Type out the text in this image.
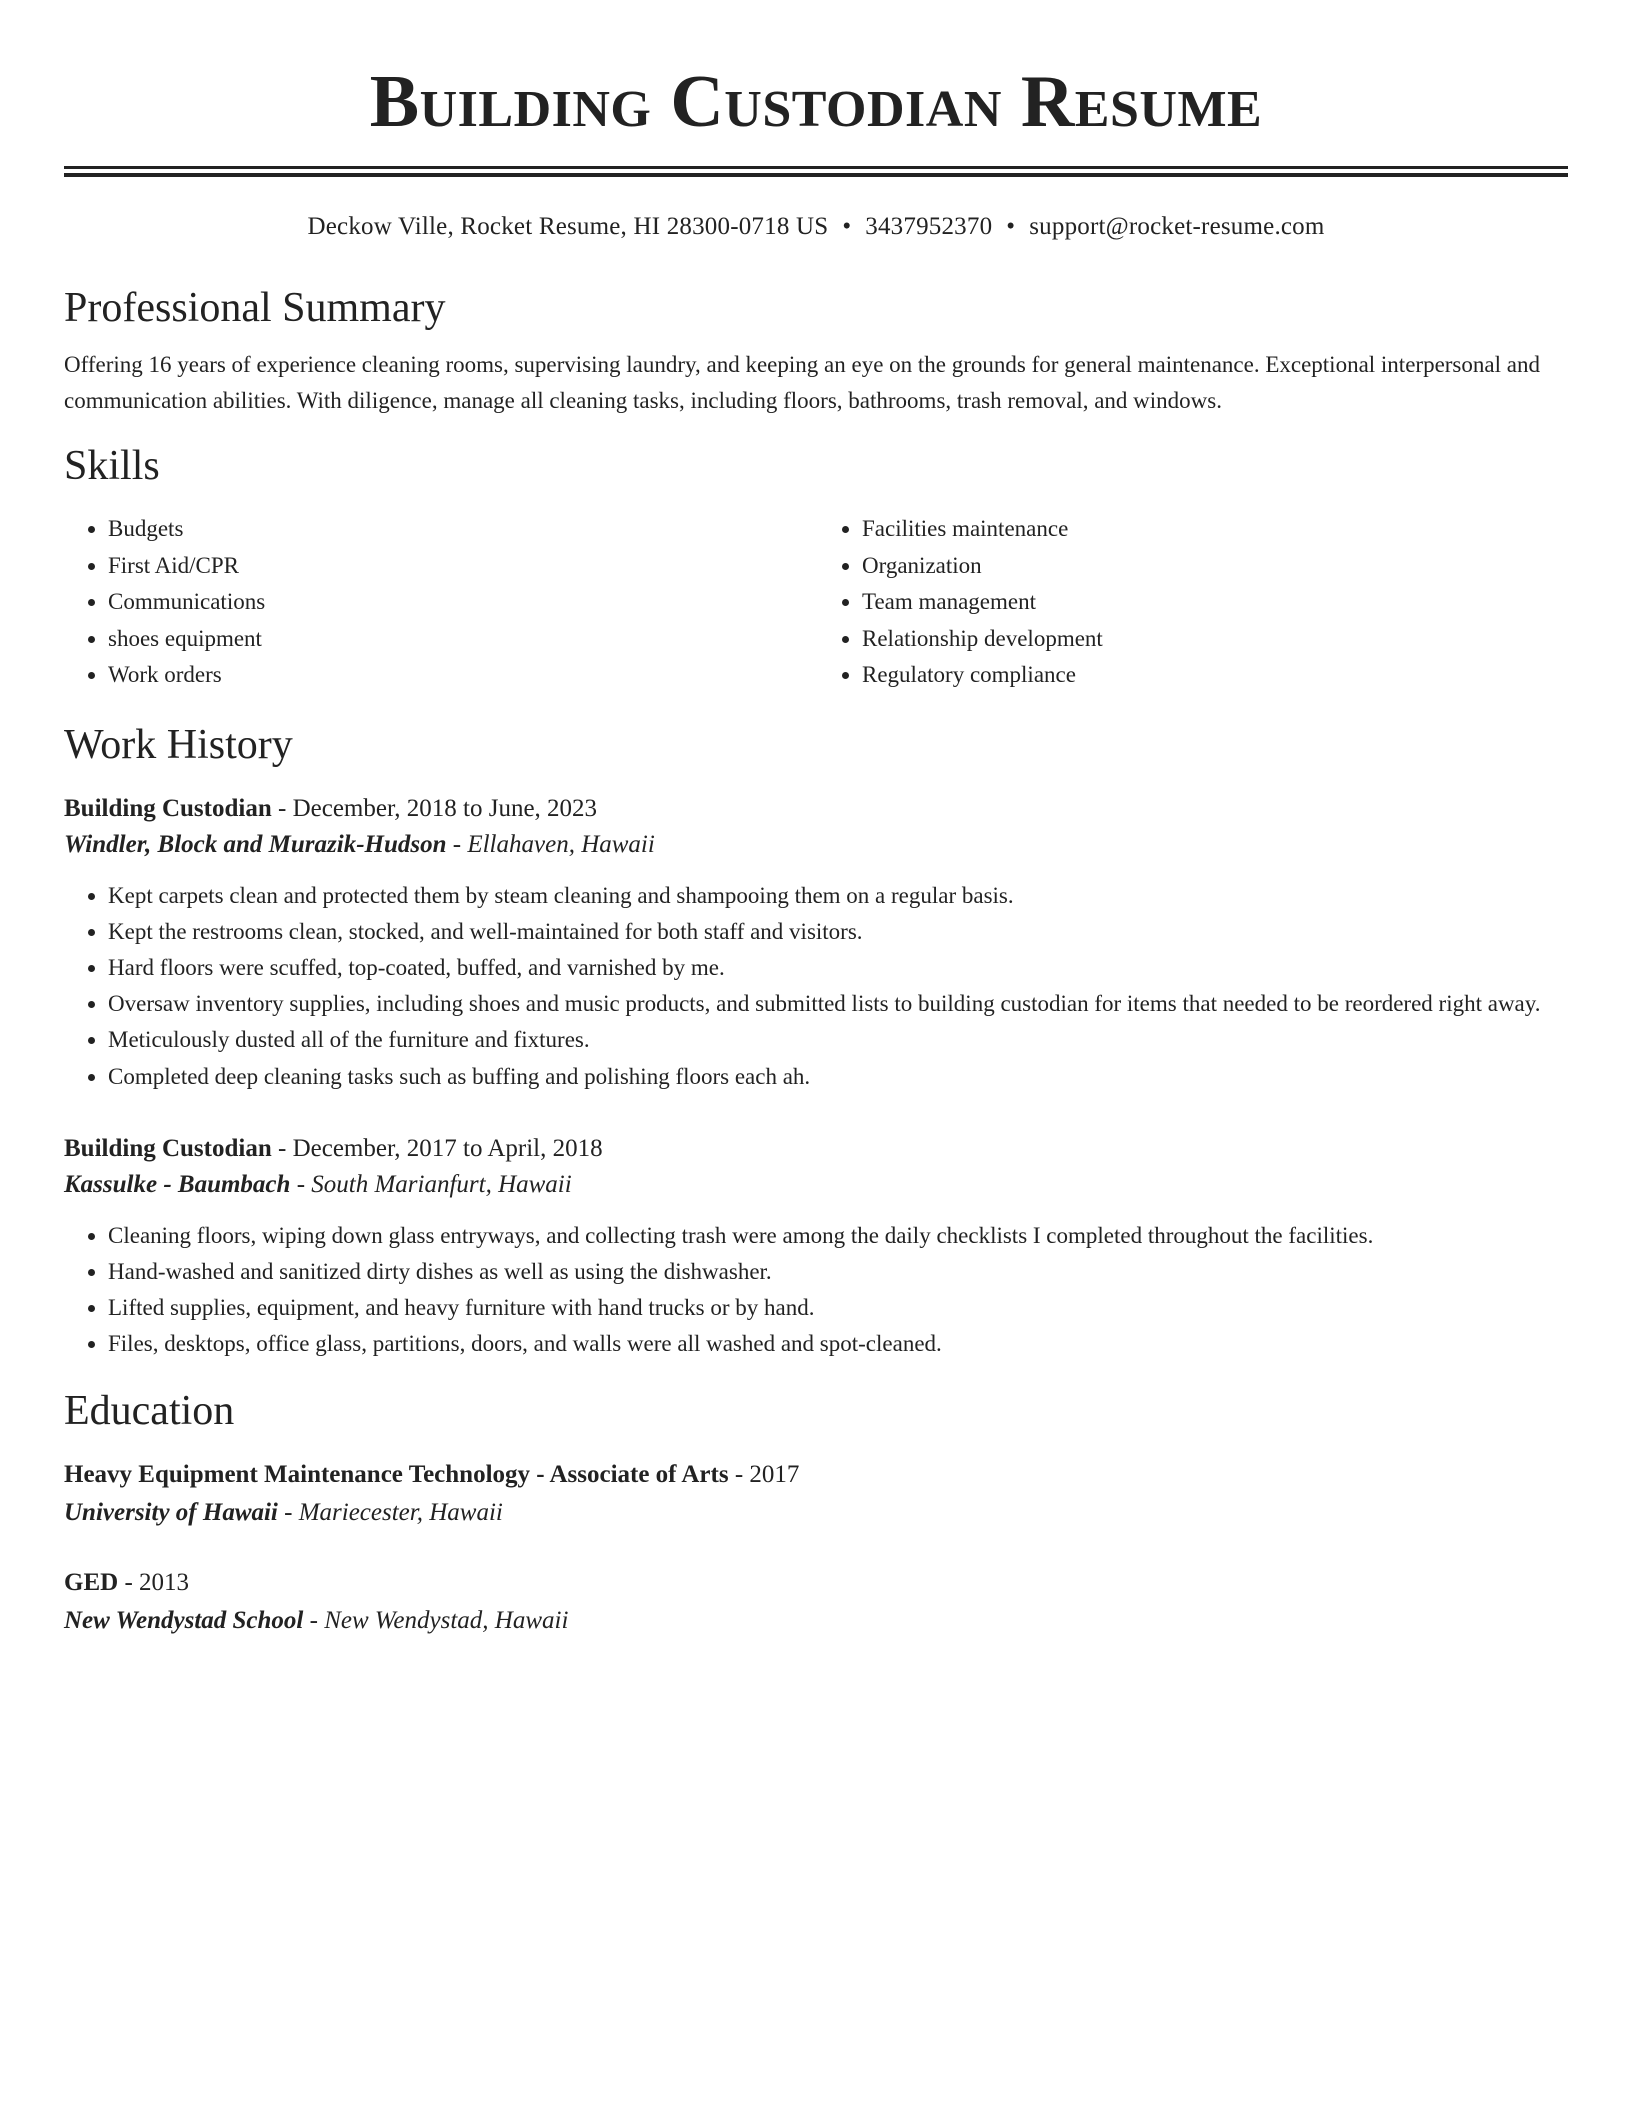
Building Custodian Resume
Deckow Ville, Rocket Resume, HI 28300-0718 US • 3437952370 • support@rocket-resume.com
Professional Summary

Offering 16 years of experience cleaning rooms, supervising laundry, and keeping an eye on the grounds for general maintenance. Exceptional interpersonal and communication abilities. With diligence, manage all cleaning tasks, including floors, bathrooms, trash removal, and windows.

Skills
• Budgets
• First Aid/CPR
• Communications
• shoes equipment
• Work orders
• Facilities maintenance
• Organization
• Team management
• Relationship development
• Regulatory compliance
Work History
Building Custodian - December, 2018 to June, 2023
Windler, Block and Murazik-Hudson - Ellahaven, Hawaii
• Kept carpets clean and protected them by steam cleaning and shampooing them on a regular basis.
• Kept the restrooms clean, stocked, and well-maintained for both staff and visitors.
• Hard floors were scuffed, top-coated, buffed, and varnished by me.
• Oversaw inventory supplies, including shoes and music products, and submitted lists to building custodian for items that needed to be reordered right away.
• Meticulously dusted all of the furniture and fixtures.
• Completed deep cleaning tasks such as buffing and polishing floors each ah.
Building Custodian - December, 2017 to April, 2018
Kassulke - Baumbach - South Marianfurt, Hawaii
• Cleaning floors, wiping down glass entryways, and collecting trash were among the daily checklists I completed throughout the facilities.
• Hand-washed and sanitized dirty dishes as well as using the dishwasher.
• Lifted supplies, equipment, and heavy furniture with hand trucks or by hand.
• Files, desktops, office glass, partitions, doors, and walls were all washed and spot-cleaned.
Education
Heavy Equipment Maintenance Technology - Associate of Arts - 2017
University of Hawaii - Mariecester, Hawaii
GED - 2013
New Wendystad School - New Wendystad, Hawaii
